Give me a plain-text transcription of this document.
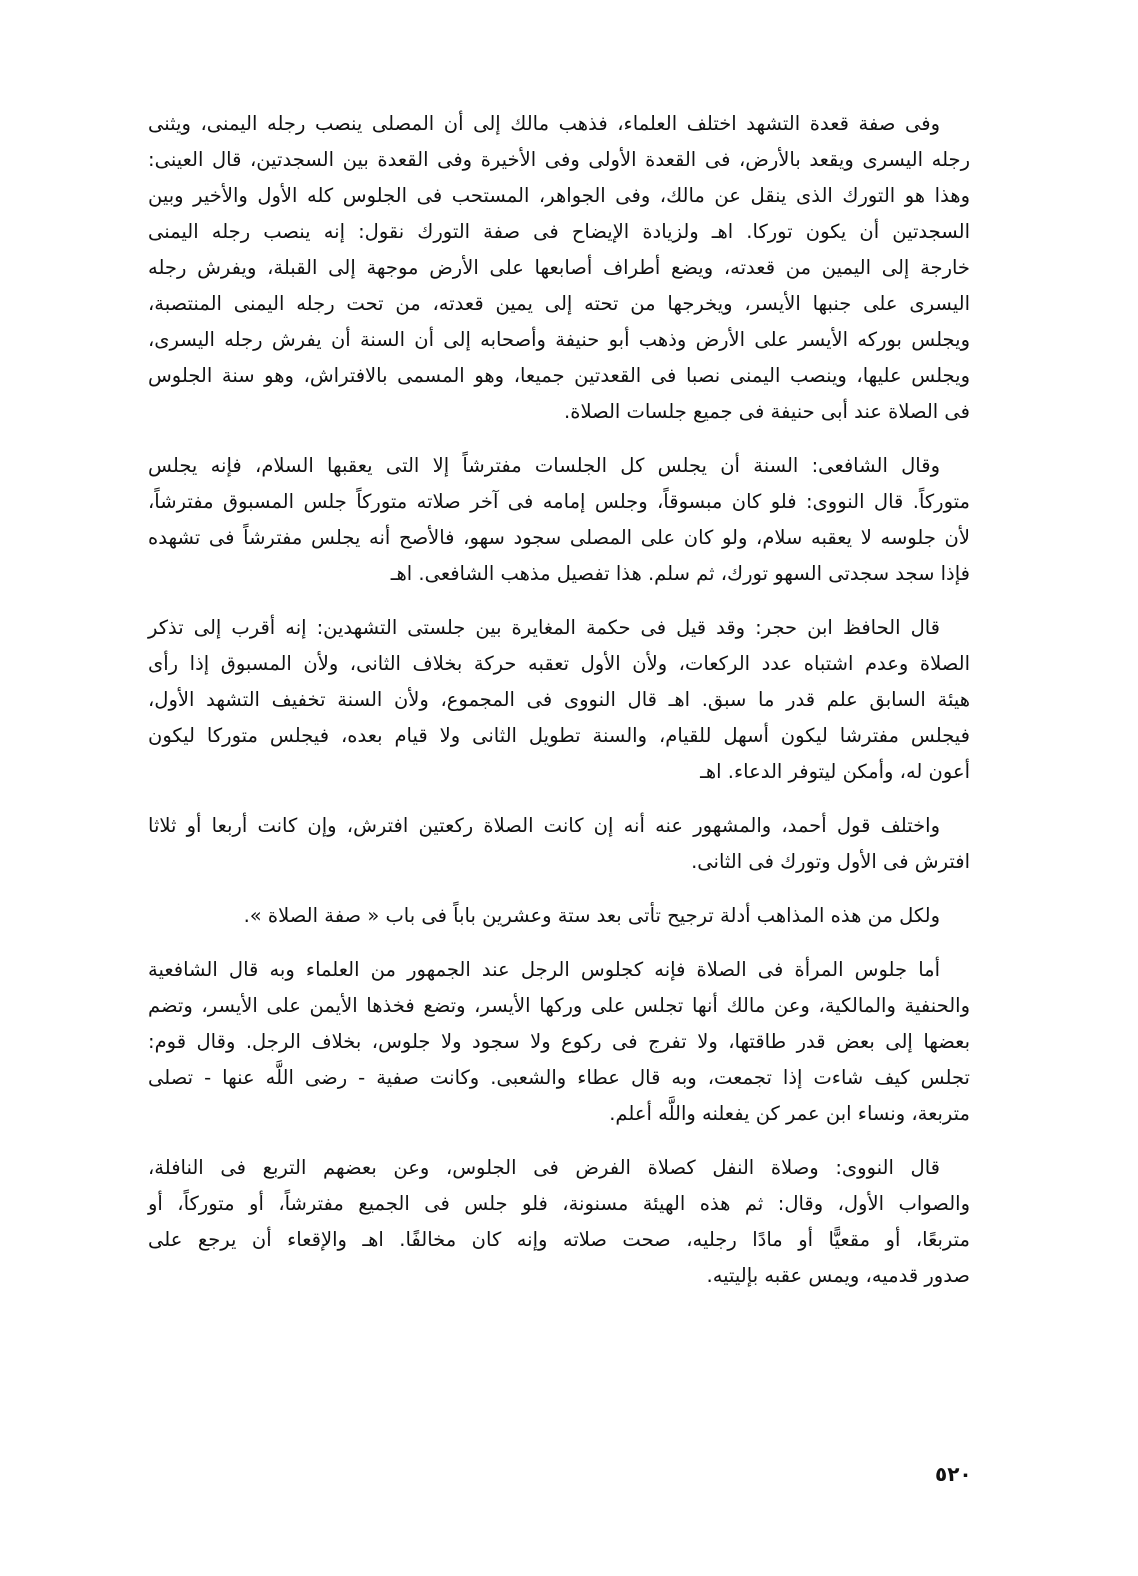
وفى صفة قعدة التشهد اختلف العلماء، فذهب مالك إلى أن المصلى ينصب رجله اليمنى، ويثنى
رجله اليسرى ويقعد بالأرض، فى القعدة الأولى وفى الأخيرة وفى القعدة بين السجدتين، قال العينى:
وهذا هو التورك الذى ينقل عن مالك، وفى الجواهر، المستحب فى الجلوس كله الأول والأخير وبين
السجدتين أن يكون توركا. اهـ ولزيادة الإيضاح فى صفة التورك نقول: إنه ينصب رجله اليمنى
خارجة إلى اليمين من قعدته، ويضع أطراف أصابعها على الأرض موجهة إلى القبلة، ويفرش رجله
اليسرى على جنبها الأيسر، ويخرجها من تحته إلى يمين قعدته، من تحت رجله اليمنى المنتصبة،
ويجلس بوركه الأيسر على الأرض وذهب أبو حنيفة وأصحابه إلى أن السنة أن يفرش رجله اليسرى،
ويجلس عليها، وينصب اليمنى نصبا فى القعدتين جميعا، وهو المسمى بالافتراش، وهو سنة الجلوس
فى الصلاة عند أبى حنيفة فى جميع جلسات الصلاة.
وقال الشافعى: السنة أن يجلس كل الجلسات مفترشاً إلا التى يعقبها السلام، فإنه يجلس
متوركاً. قال النووى: فلو كان مبسوقاً، وجلس إمامه فى آخر صلاته متوركاً جلس المسبوق مفترشاً،
لأن جلوسه لا يعقبه سلام، ولو كان على المصلى سجود سهو، فالأصح أنه يجلس مفترشاً فى تشهده
فإذا سجد سجدتى السهو تورك، ثم سلم. هذا تفصيل مذهب الشافعى. اهـ
قال الحافظ ابن حجر: وقد قيل فى حكمة المغايرة بين جلستى التشهدين: إنه أقرب إلى تذكر
الصلاة وعدم اشتباه عدد الركعات، ولأن الأول تعقبه حركة بخلاف الثانى، ولأن المسبوق إذا رأى
هيئة السابق علم قدر ما سبق. اهـ قال النووى فى المجموع، ولأن السنة تخفيف التشهد الأول،
فيجلس مفترشا ليكون أسهل للقيام، والسنة تطويل الثانى ولا قيام بعده، فيجلس متوركا ليكون
أعون له، وأمكن ليتوفر الدعاء. اهـ
واختلف قول أحمد، والمشهور عنه أنه إن كانت الصلاة ركعتين افترش، وإن كانت أربعا أو ثلاثا
افترش فى الأول وتورك فى الثانى.
ولكل من هذه المذاهب أدلة ترجيح تأتى بعد ستة وعشرين باباً فى باب « صفة الصلاة ».
أما جلوس المرأة فى الصلاة فإنه كجلوس الرجل عند الجمهور من العلماء وبه قال الشافعية
والحنفية والمالكية، وعن مالك أنها تجلس على وركها الأيسر، وتضع فخذها الأيمن على الأيسر، وتضم
بعضها إلى بعض قدر طاقتها، ولا تفرج فى ركوع ولا سجود ولا جلوس، بخلاف الرجل. وقال قوم:
تجلس كيف شاءت إذا تجمعت، وبه قال عطاء والشعبى. وكانت صفية - رضى اللَّه عنها - تصلى
متربعة، ونساء ابن عمر كن يفعلنه واللَّه أعلم.
قال النووى: وصلاة النفل كصلاة الفرض فى الجلوس، وعن بعضهم التربع فى النافلة،
والصواب الأول، وقال: ثم هذه الهيئة مسنونة، فلو جلس فى الجميع مفترشاً، أو متوركاً، أو
متربعًا، أو مقعيًّا أو مادًا رجليه، صحت صلاته وإنه كان مخالفًا. اهـ والإقعاء أن يرجع على
صدور قدميه، ويمس عقبه بإليتيه.
٥٢٠
